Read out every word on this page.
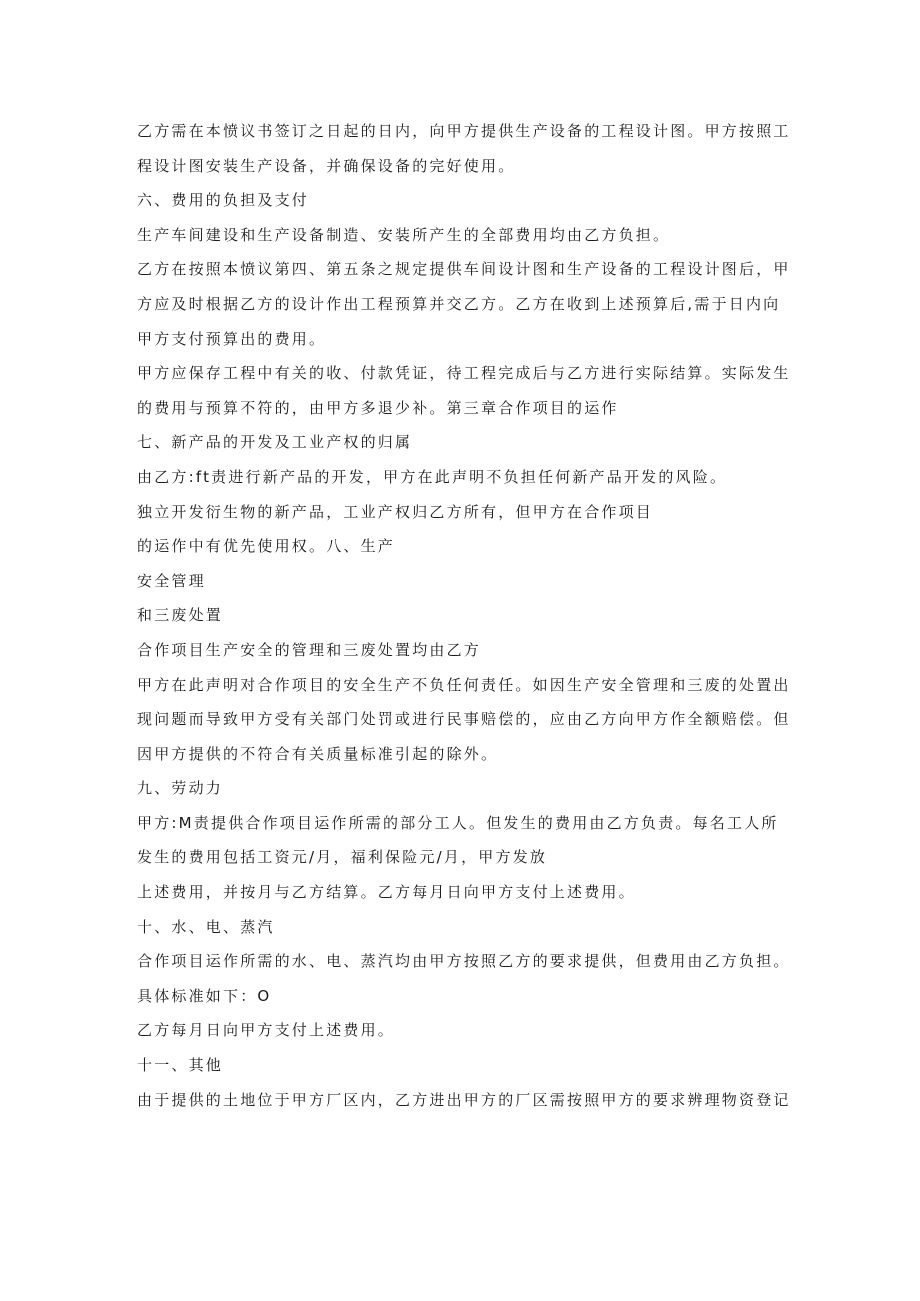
乙方需在本愤议书签订之日起的日内，向甲方提供生产设备的工程设计图。甲方按照工
程设计图安装生产设备，并确保设备的完好使用。
六、费用的负担及支付
生产车间建设和生产设备制造、安装所产生的全部费用均由乙方负担。
乙方在按照本愤议第四、第五条之规定提供车间设计图和生产设备的工程设计图后，甲
方应及时根据乙方的设计作出工程预算并交乙方。乙方在收到上述预算后,需于日内向
甲方支付预算出的费用。
甲方应保存工程中有关的收、付款凭证，待工程完成后与乙方进行实际结算。实际发生
的费用与预算不符的，由甲方多退少补。第三章合作项目的运作
七、新产品的开发及工业产权的归属
由乙方:ft责进行新产品的开发，甲方在此声明不负担任何新产品开发的风险。
独立开发衍生物的新产品，工业产权归乙方所有，但甲方在合作项目
的运作中有优先使用权。八、生产
安全管理
和三废处置
合作项目生产安全的管理和三废处置均由乙方
甲方在此声明对合作项目的安全生产不负任何责任。如因生产安全管理和三废的处置出
现问题而导致甲方受有关部门处罚或进行民事赔偿的，应由乙方向甲方作全额赔偿。但
因甲方提供的不符合有关质量标准引起的除外。
九、劳动力
甲方:M责提供合作项目运作所需的部分工人。但发生的费用由乙方负责。每名工人所
发生的费用包括工资元/月，福利保险元/月，甲方发放
上述费用，并按月与乙方结算。乙方每月日向甲方支付上述费用。
十、水、电、蒸汽
合作项目运作所需的水、电、蒸汽均由甲方按照乙方的要求提供，但费用由乙方负担。
具体标准如下：O
乙方每月日向甲方支付上述费用。
十一、其他
由于提供的土地位于甲方厂区内，乙方进出甲方的厂区需按照甲方的要求辨理物资登记
